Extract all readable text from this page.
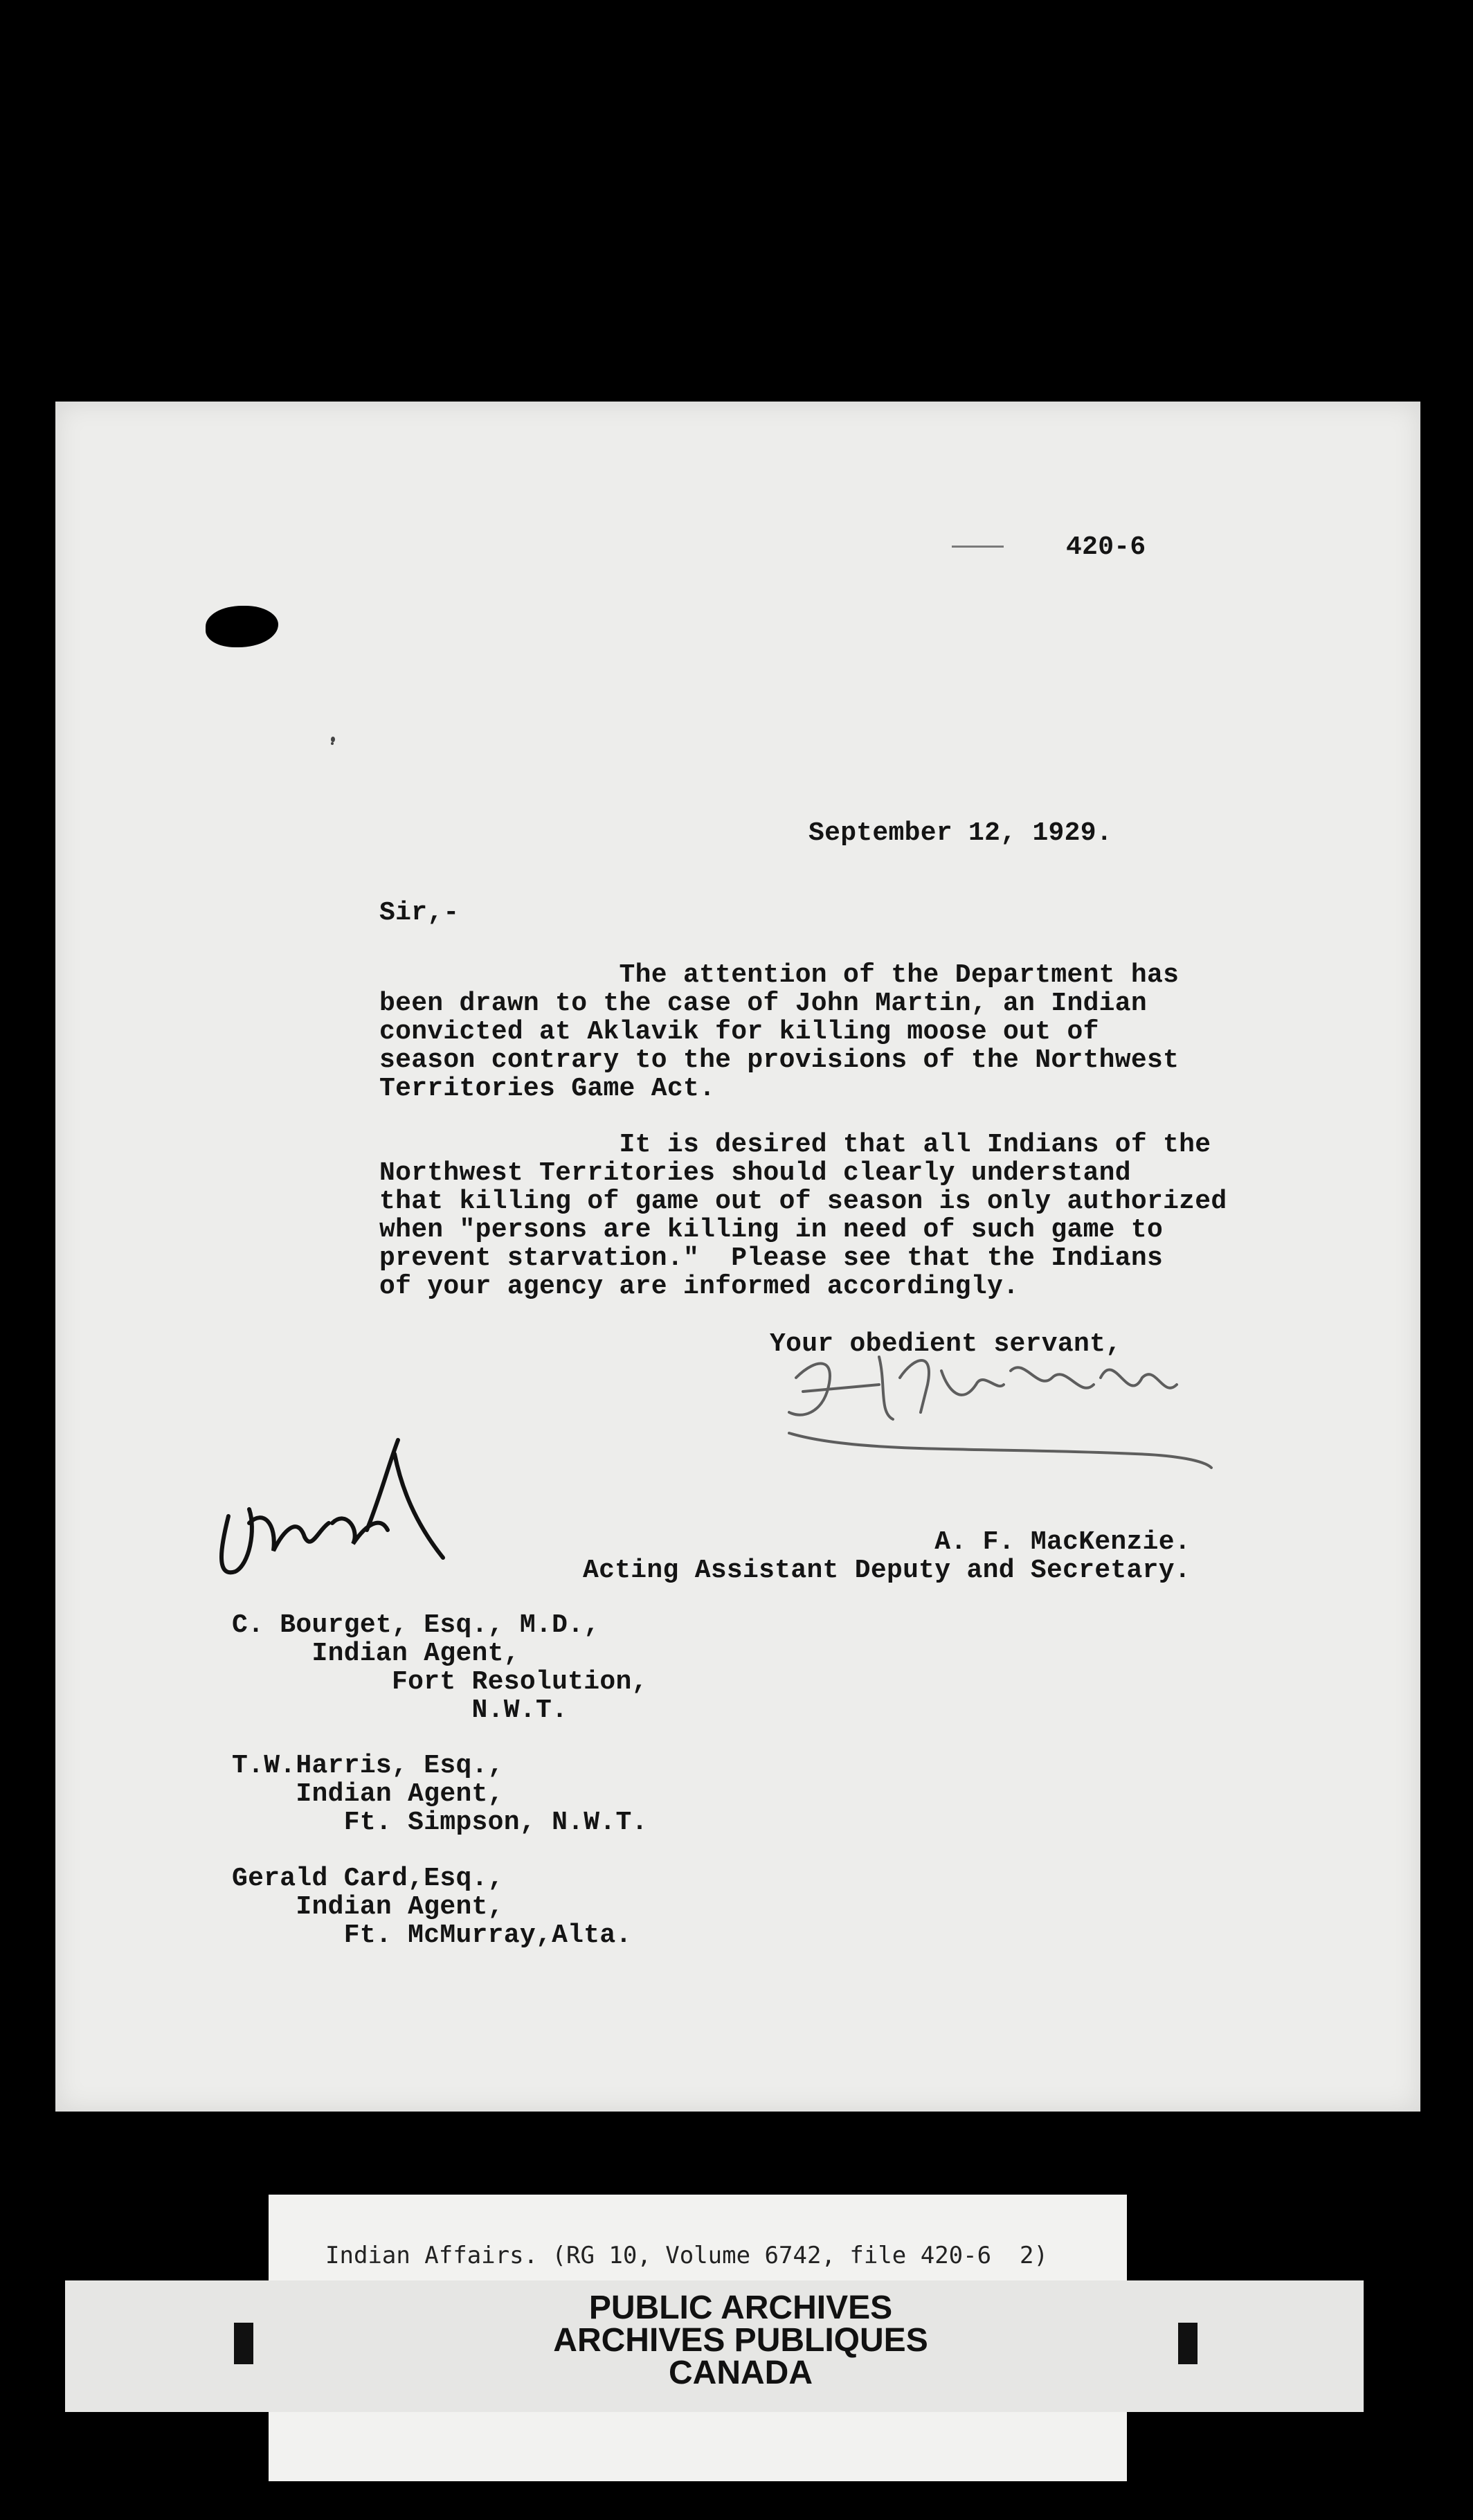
420-6
September 12, 1929.
Sir,-
The attention of the Department has
been drawn to the case of John Martin, an Indian
convicted at Aklavik for killing moose out of
season contrary to the provisions of the Northwest
Territories Game Act.
It is desired that all Indians of the
Northwest Territories should clearly understand
that killing of game out of season is only authorized
when "persons are killing in need of such game to
prevent starvation."  Please see that the Indians
of your agency are informed accordingly.
Your obedient servant,
A. F. MacKenzie.
Acting Assistant Deputy and Secretary.
C. Bourget, Esq., M.D.,
Indian Agent,
Fort Resolution,
N.W.T.
T.W.Harris, Esq.,
Indian Agent,
Ft. Simpson, N.W.T.
Gerald Card,Esq.,
Indian Agent,
Ft. McMurray,Alta.
Indian Affairs. (RG 10, Volume 6742, file 420-6  2)
PUBLIC ARCHIVES
ARCHIVES PUBLIQUES
CANADA
